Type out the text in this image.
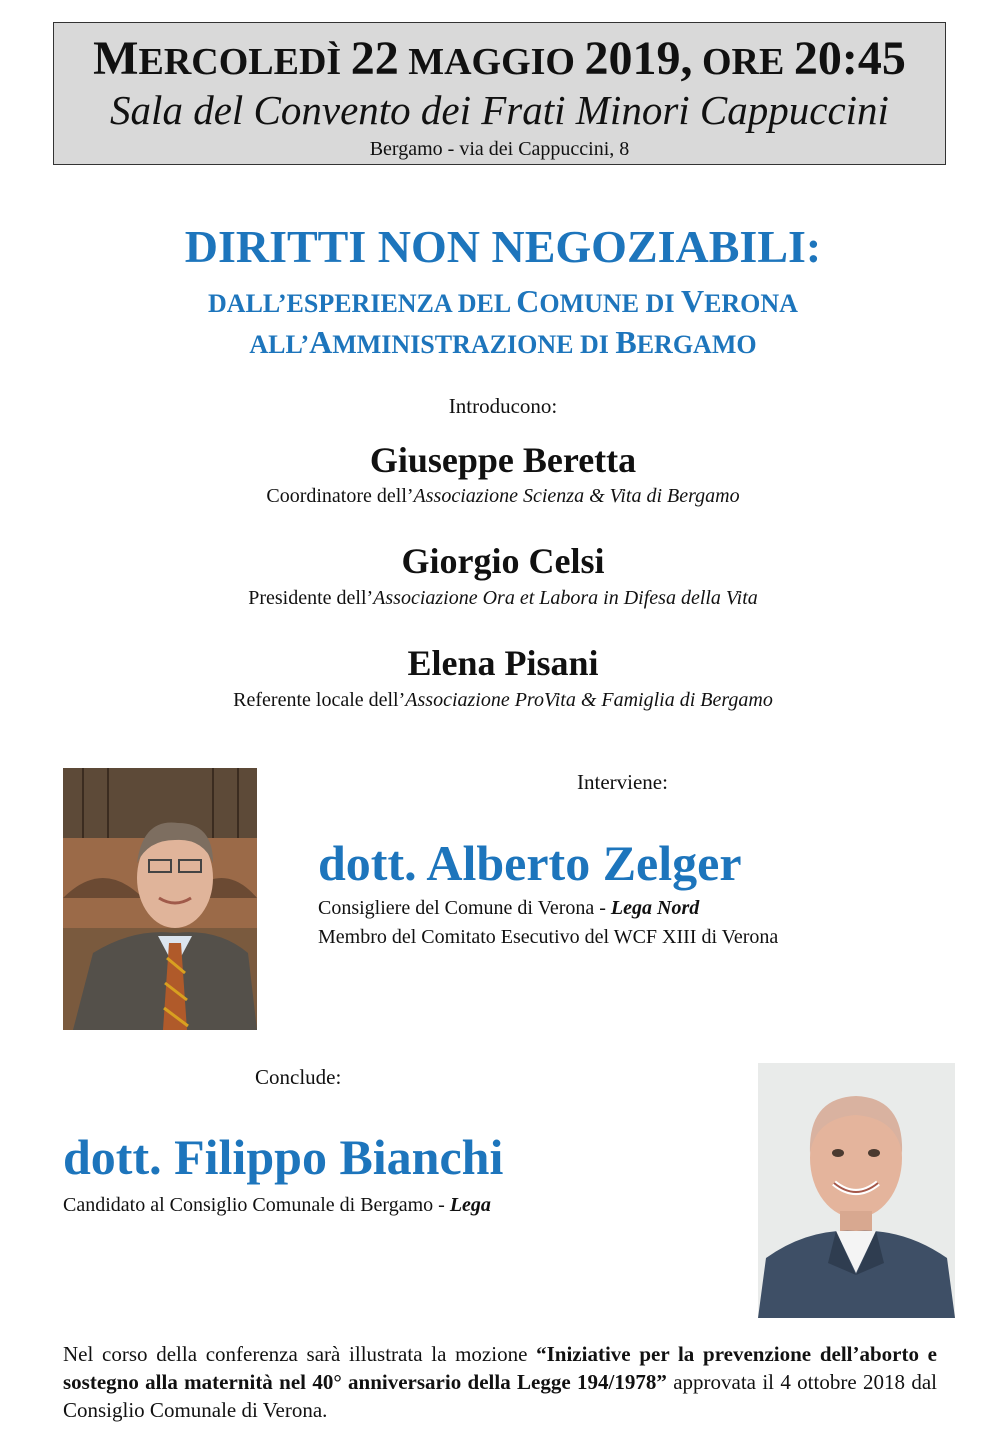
MERCOLEDÌ 22 MAGGIO 2019, ORE 20:45
Sala del Convento dei Frati Minori Cappuccini
Bergamo - via dei Cappuccini, 8
DIRITTI NON NEGOZIABILI:
DALL’ESPERIENZA DEL COMUNE DI VERONA
ALL’AMMINISTRAZIONE DI BERGAMO
Introducono:
Giuseppe Beretta
Coordinatore dell’Associazione Scienza & Vita di Bergamo
Giorgio Celsi
Presidente dell’Associazione Ora et Labora in Difesa della Vita
Elena Pisani
Referente locale dell’Associazione ProVita & Famiglia di Bergamo
Interviene:
dott. Alberto Zelger
Consigliere del Comune di Verona - Lega Nord
Membro del Comitato Esecutivo del WCF XIII di Verona
Conclude:
dott. Filippo Bianchi
Candidato al Consiglio Comunale di Bergamo - Lega
Nel corso della conferenza sarà illustrata la mozione “Iniziative per la prevenzione dell’aborto e sostegno alla maternità nel 40° anniversario della Legge 194/1978” approvata il 4 ottobre 2018 dal Consiglio Comunale di Verona.
